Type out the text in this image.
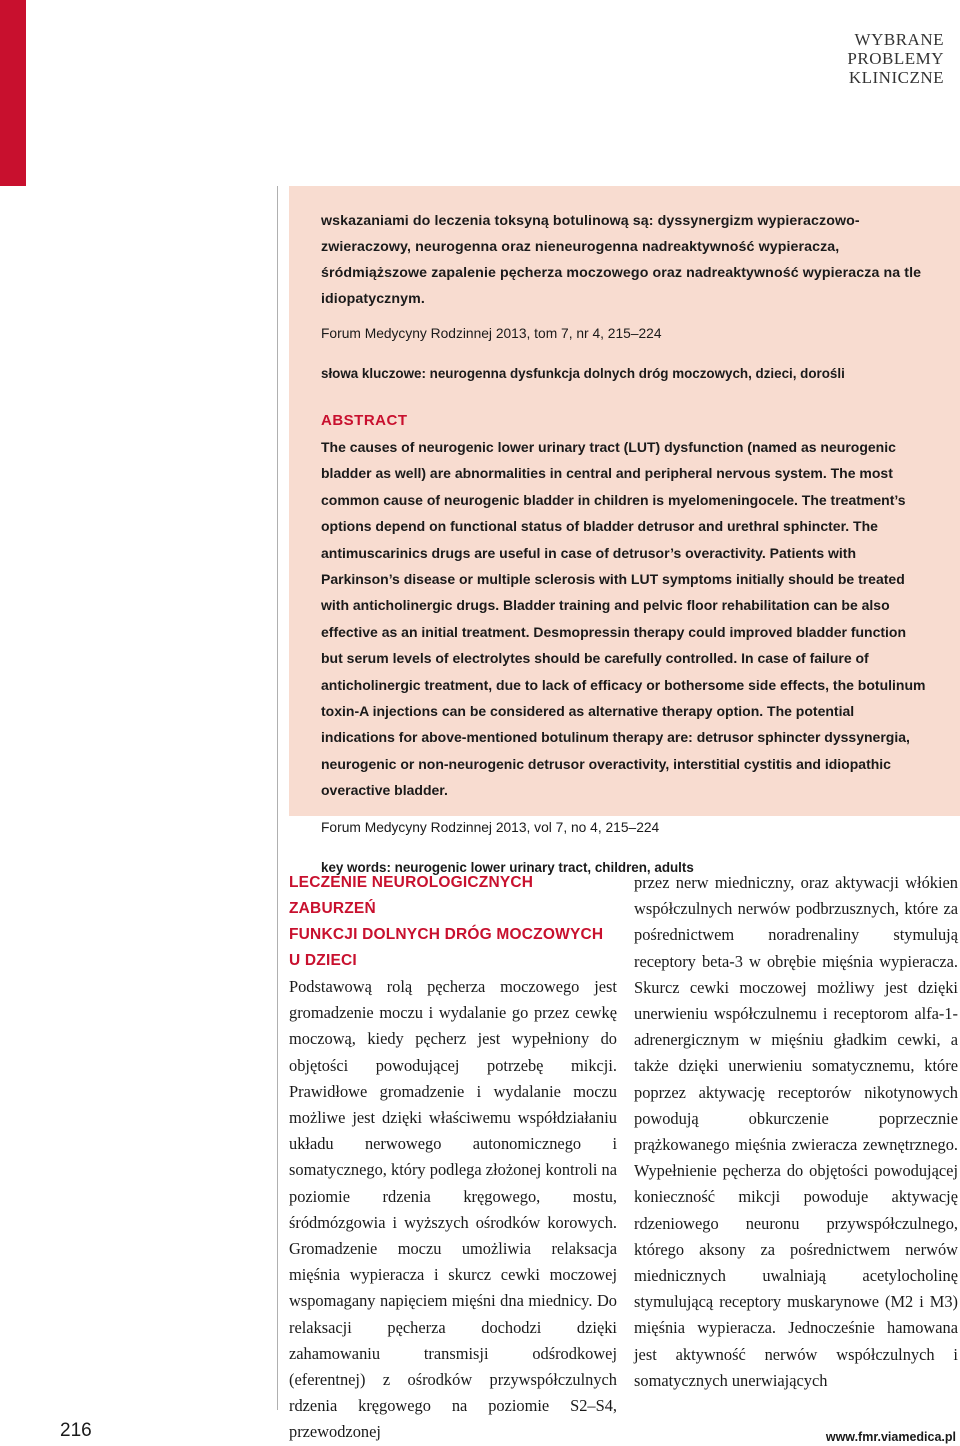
WYBRANE
PROBLEMY
KLINICZNE
wskazaniami do leczenia toksyną botulinową są: dyssynergizm wypieraczowo-zwieraczowy, neurogenna oraz nieneurogenna nadreaktywność wypieracza, śródmiąższowe zapalenie pęcherza moczowego oraz nadreaktywność wypieracza na tle idiopatycznym.
Forum Medycyny Rodzinnej 2013, tom 7, nr 4, 215–224
słowa kluczowe: neurogenna dysfunkcja dolnych dróg moczowych, dzieci, dorośli
ABSTRACT
The causes of neurogenic lower urinary tract (LUT) dysfunction (named as neurogenic bladder as well) are abnormalities in central and peripheral nervous system. The most common cause of neurogenic bladder in children is myelomeningocele. The treatment’s options depend on functional status of bladder detrusor and urethral sphincter. The antimuscarinics drugs are useful in case of detrusor’s overactivity. Patients with Parkinson’s disease or multiple sclerosis with LUT symptoms initially should be treated with anticholinergic drugs. Bladder training and pelvic floor rehabilitation can be also effective as an initial treatment. Desmopressin therapy could improved bladder function but serum levels of electrolytes should be carefully controlled. In case of failure of anticholinergic treatment, due to lack of efficacy or bothersome side effects, the botulinum toxin-A injections can be considered as alternative therapy option. The potential indications for above-mentioned botulinum therapy are: detrusor sphincter dyssynergia, neurogenic or non-neurogenic detrusor overactivity, interstitial cystitis and idiopathic overactive bladder.
Forum Medycyny Rodzinnej 2013, vol 7, no 4, 215–224
key words: neurogenic lower urinary tract, children, adults
LECZENIE NEUROLOGICZNYCH ZABURZEŃ
FUNKCJI DOLNYCH DRÓG MOCZOWYCH
U DZIECI

Podstawową rolą pęcherza moczowego jest gromadzenie moczu i wydalanie go przez cewkę moczową, kiedy pęcherz jest wypełniony do objętości powodującej potrzebę mikcji. Prawidłowe gromadzenie i wydalanie moczu możliwe jest dzięki właściwemu współdziałaniu układu nerwowego autonomicznego i somatycznego, który podlega złożonej kontroli na poziomie rdzenia kręgowego, mostu, śródmózgowia i wyższych ośrodków korowych. Gromadzenie moczu umożliwia relaksacja mięśnia wypieracza i skurcz cewki moczowej wspomagany napięciem mięśni dna miednicy. Do relaksacji pęcherza dochodzi dzięki zahamowaniu transmisji odśrodkowej (eferentnej) z ośrodków przywspółczulnych rdzenia kręgowego na poziomie S2–S4, przewodzonej

przez nerw miedniczny, oraz aktywacji włókien współczulnych nerwów podbrzusznych, które za pośrednictwem noradrenaliny stymulują receptory beta-3 w obrębie mięśnia wypieracza. Skurcz cewki moczowej możliwy jest dzięki unerwieniu współczulnemu i receptorom alfa-1-adrenergicznym w mięśniu gładkim cewki, a także dzięki unerwieniu somatycznemu, które poprzez aktywację receptorów nikotynowych powodują obkurczenie poprzecznie prążkowanego mięśnia zwieracza zewnętrznego. Wypełnienie pęcherza do objętości powodującej konieczność mikcji powoduje aktywację rdzeniowego neuronu przywspółczulnego, którego aksony za pośrednictwem nerwów miednicznych uwalniają acetylocholinę stymulującą receptory muskarynowe (M2 i M3) mięśnia wypieracza. Jednocześnie hamowana jest aktywność nerwów współczulnych i somatycznych unerwiających

216	www.fmr.viamedica.pl
